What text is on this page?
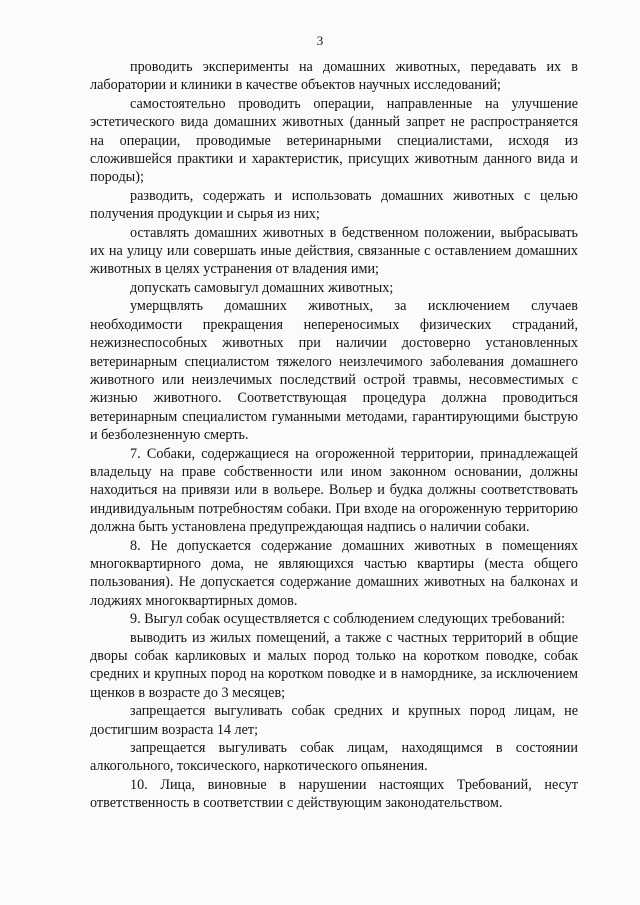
3

проводить эксперименты на домашних животных, передавать их в лаборатории и клиники в качестве объектов научных исследований;

самостоятельно проводить операции, направленные на улучшение эстетического вида домашних животных (данный запрет не распространяется на операции, проводимые ветеринарными специалистами, исходя из сложившейся практики и характеристик, присущих животным данного вида и породы);

разводить, содержать и использовать домашних животных с целью получения продукции и сырья из них;

оставлять домашних животных в бедственном положении, выбрасывать их на улицу или совершать иные действия, связанные с оставлением домашних животных в целях устранения от владения ими;

допускать самовыгул домашних животных;

умерщвлять домашних животных, за исключением случаев необходимости прекращения непереносимых физических страданий, нежизнеспособных животных при наличии достоверно установленных ветеринарным специалистом тяжелого неизлечимого заболевания домашнего животного или неизлечимых последствий острой травмы, несовместимых с жизнью животного. Соответствующая процедура должна проводиться ветеринарным специалистом гуманными методами, гарантирующими быструю и безболезненную смерть.

7. Собаки, содержащиеся на огороженной территории, принадлежащей владельцу на праве собственности или ином законном основании, должны находиться на привязи или в вольере. Вольер и будка должны соответствовать индивидуальным потребностям собаки. При входе на огороженную территорию должна быть установлена предупреждающая надпись о наличии собаки.

8. Не допускается содержание домашних животных в помещениях многоквартирного дома, не являющихся частью квартиры (места общего пользования). Не допускается содержание домашних животных на балконах и лоджиях многоквартирных домов.

9. Выгул собак осуществляется с соблюдением следующих требований:

выводить из жилых помещений, а также с частных территорий в общие дворы собак карликовых и малых пород только на коротком поводке, собак средних и крупных пород на коротком поводке и в наморднике, за исключением щенков в возрасте до 3 месяцев;

запрещается выгуливать собак средних и крупных пород лицам, не достигшим возраста 14 лет;

запрещается выгуливать собак лицам, находящимся в состоянии алкогольного, токсического, наркотического опьянения.

10. Лица, виновные в нарушении настоящих Требований, несут ответственность в соответствии с действующим законодательством.
